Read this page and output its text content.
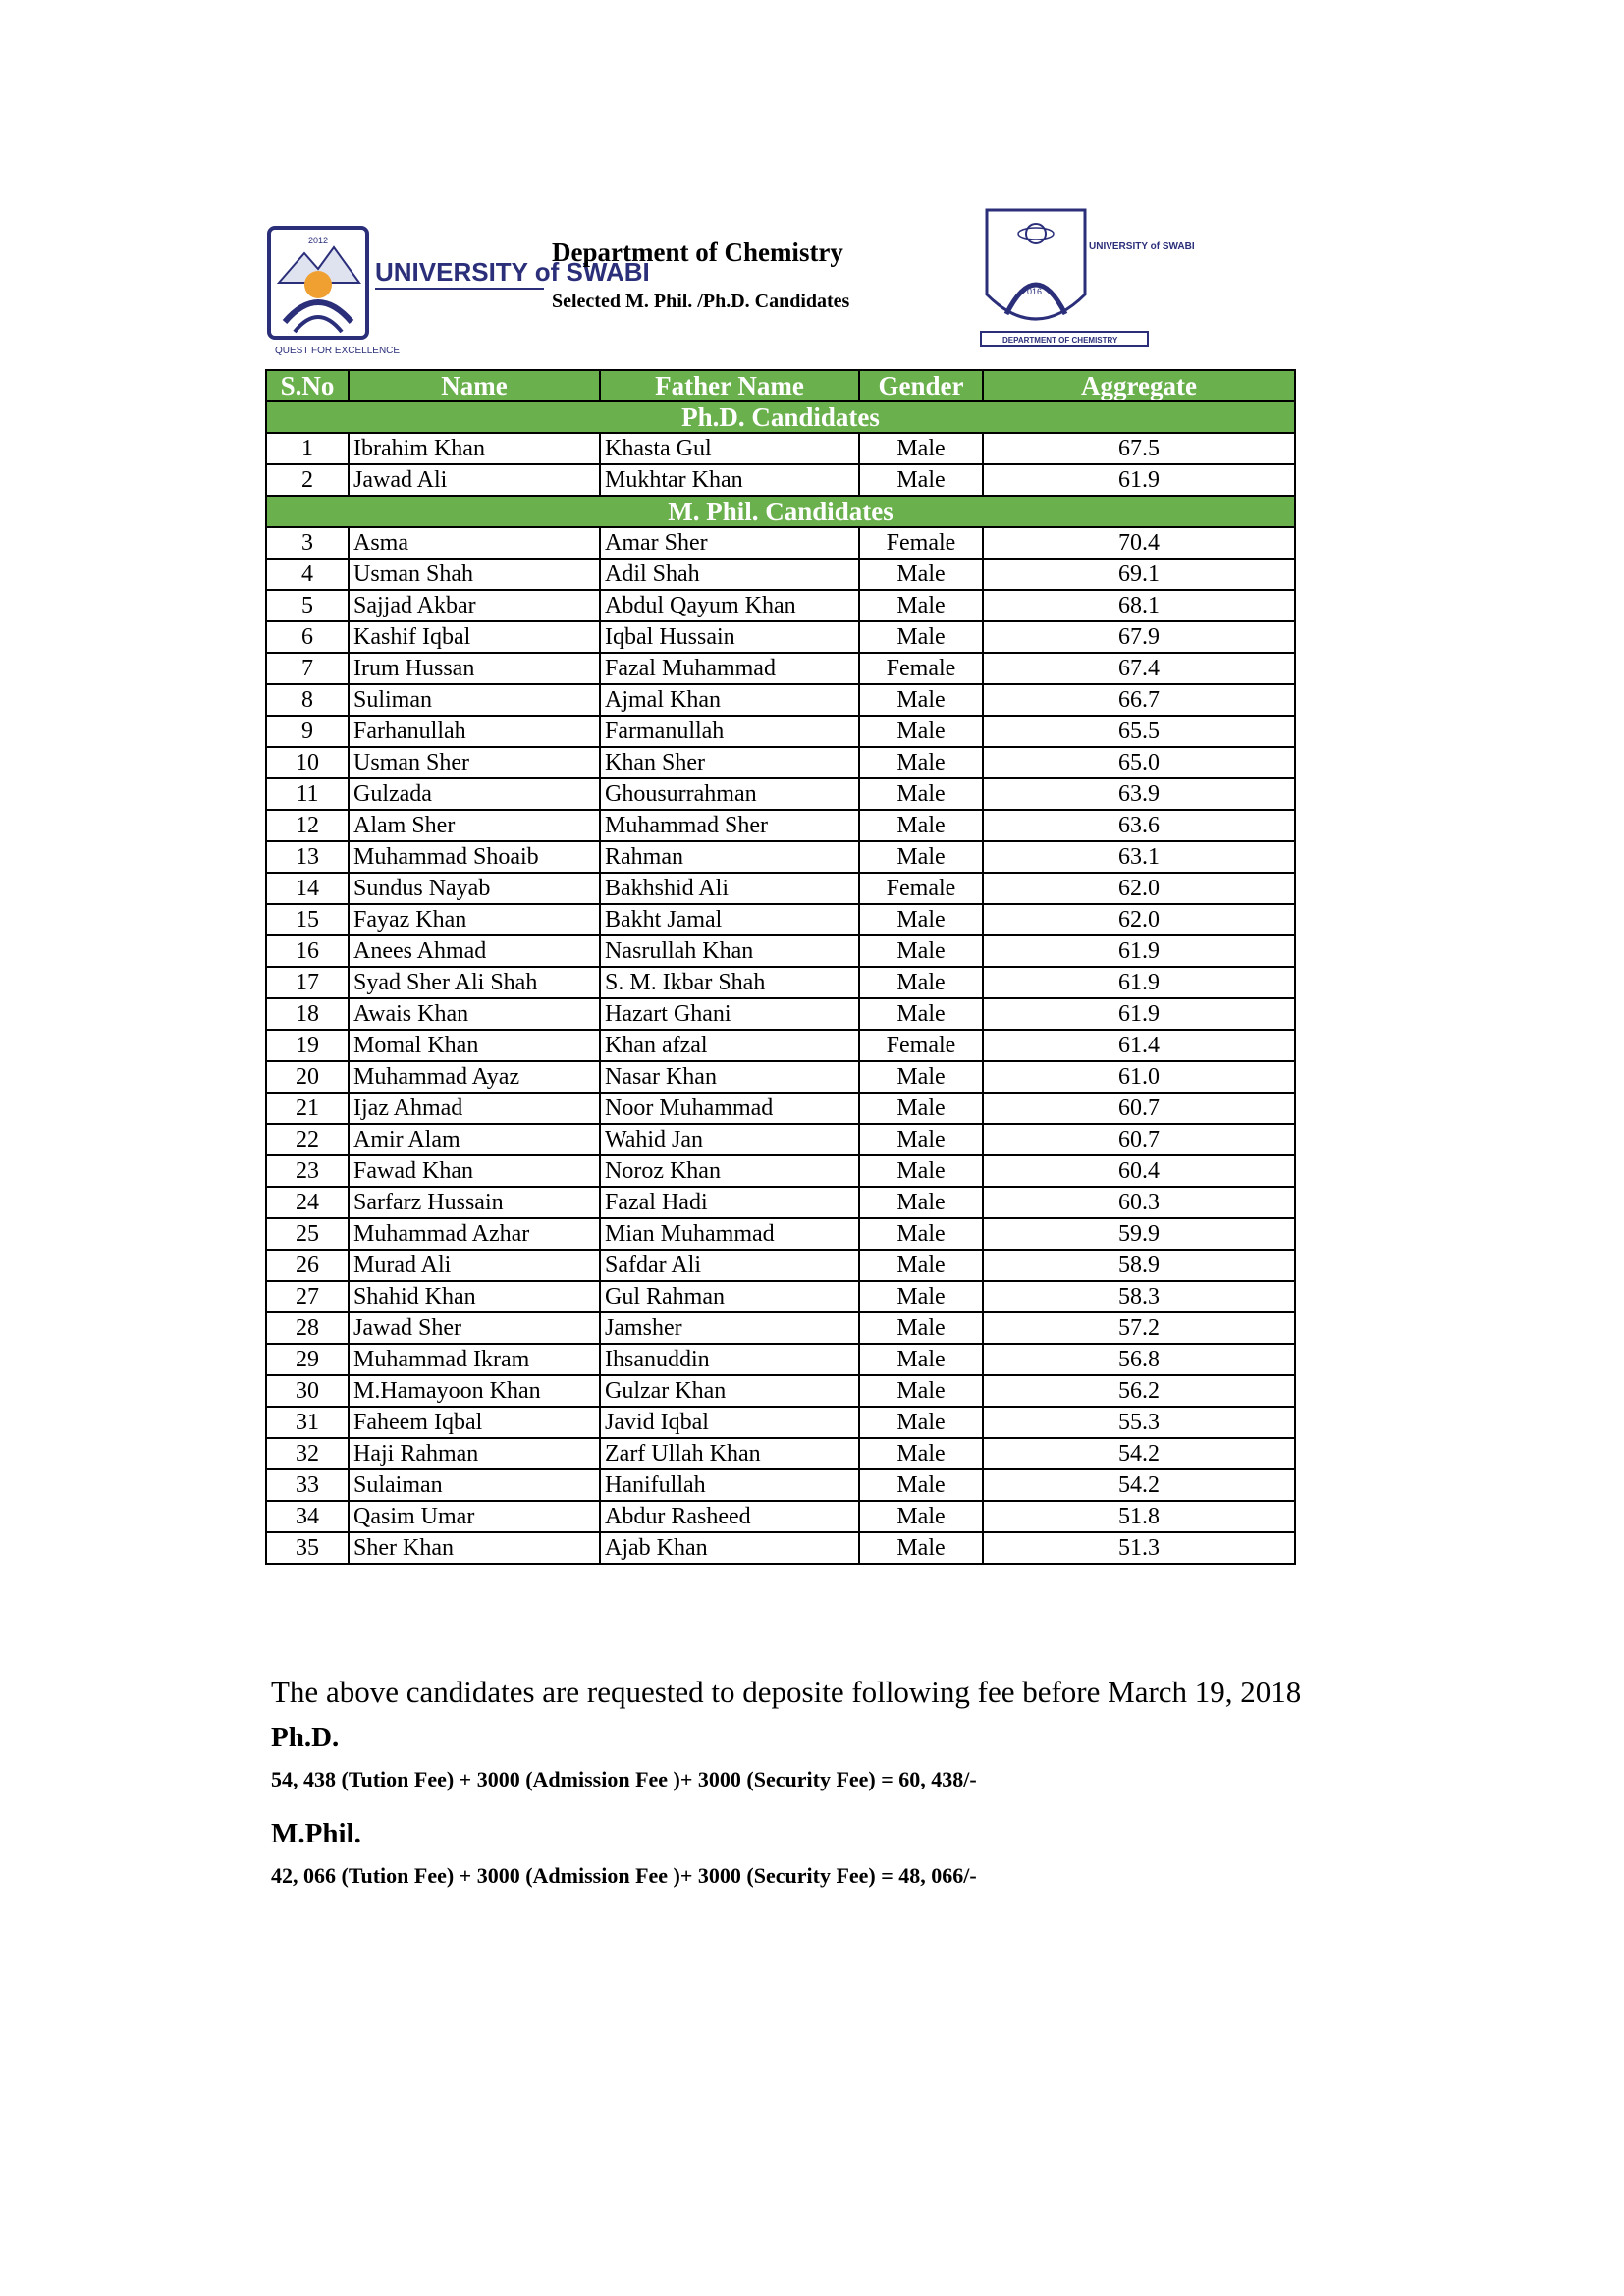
2012
QUEST FOR EXCELLENCE
UNIVERSITY of SWABI
Department of Chemistry
Selected M. Phil. /Ph.D. Candidates	2016
UNIVERSITY of SWABI
DEPARTMENT OF CHEMISTRY
S.No	Name	Father Name	Gender	Aggregate
Ph.D. Candidates				
1	Ibrahim Khan	Khasta Gul	Male	67.5
2	Jawad Ali	Mukhtar Khan	Male	61.9
M. Phil. Candidates				
3	Asma	Amar Sher	Female	70.4
4	Usman Shah	Adil Shah	Male	69.1
5	Sajjad Akbar	Abdul Qayum Khan	Male	68.1
6	Kashif Iqbal	Iqbal Hussain	Male	67.9
7	Irum Hussan	Fazal Muhammad	Female	67.4
8	Suliman	Ajmal Khan	Male	66.7
9	Farhanullah	Farmanullah	Male	65.5
10	Usman Sher	Khan Sher	Male	65.0
11	Gulzada	Ghousurrahman	Male	63.9
12	Alam Sher	Muhammad Sher	Male	63.6
13	Muhammad Shoaib	Rahman	Male	63.1
14	Sundus Nayab	Bakhshid Ali	Female	62.0
15	Fayaz Khan	Bakht Jamal	Male	62.0
16	Anees Ahmad	Nasrullah Khan	Male	61.9
17	Syad Sher Ali Shah	S. M. Ikbar Shah	Male	61.9
18	Awais Khan	Hazart Ghani	Male	61.9
19	Momal Khan	Khan afzal	Female	61.4
20	Muhammad Ayaz	Nasar Khan	Male	61.0
21	Ijaz Ahmad	Noor Muhammad	Male	60.7
22	Amir Alam	Wahid Jan	Male	60.7
23	Fawad Khan	Noroz Khan	Male	60.4
24	Sarfarz Hussain	Fazal Hadi	Male	60.3
25	Muhammad Azhar	Mian Muhammad	Male	59.9
26	Murad Ali	Safdar Ali	Male	58.9
27	Shahid Khan	Gul Rahman	Male	58.3
28	Jawad Sher	Jamsher	Male	57.2
29	Muhammad Ikram	Ihsanuddin	Male	56.8
30	M.Hamayoon Khan	Gulzar Khan	Male	56.2
31	Faheem Iqbal	Javid Iqbal	Male	55.3
32	Haji Rahman	Zarf Ullah Khan	Male	54.2
33	Sulaiman	Hanifullah	Male	54.2
34	Qasim Umar	Abdur Rasheed	Male	51.8
35	Sher Khan	Ajab Khan	Male	51.3
The above candidates are requested to deposite following fee before March 19, 2018
Ph.D.
54, 438 (Tution Fee) + 3000 (Admission Fee )+ 3000 (Security Fee) = 60, 438/-
M.Phil.
42, 066 (Tution Fee) + 3000 (Admission Fee )+ 3000 (Security Fee) = 48, 066/-
